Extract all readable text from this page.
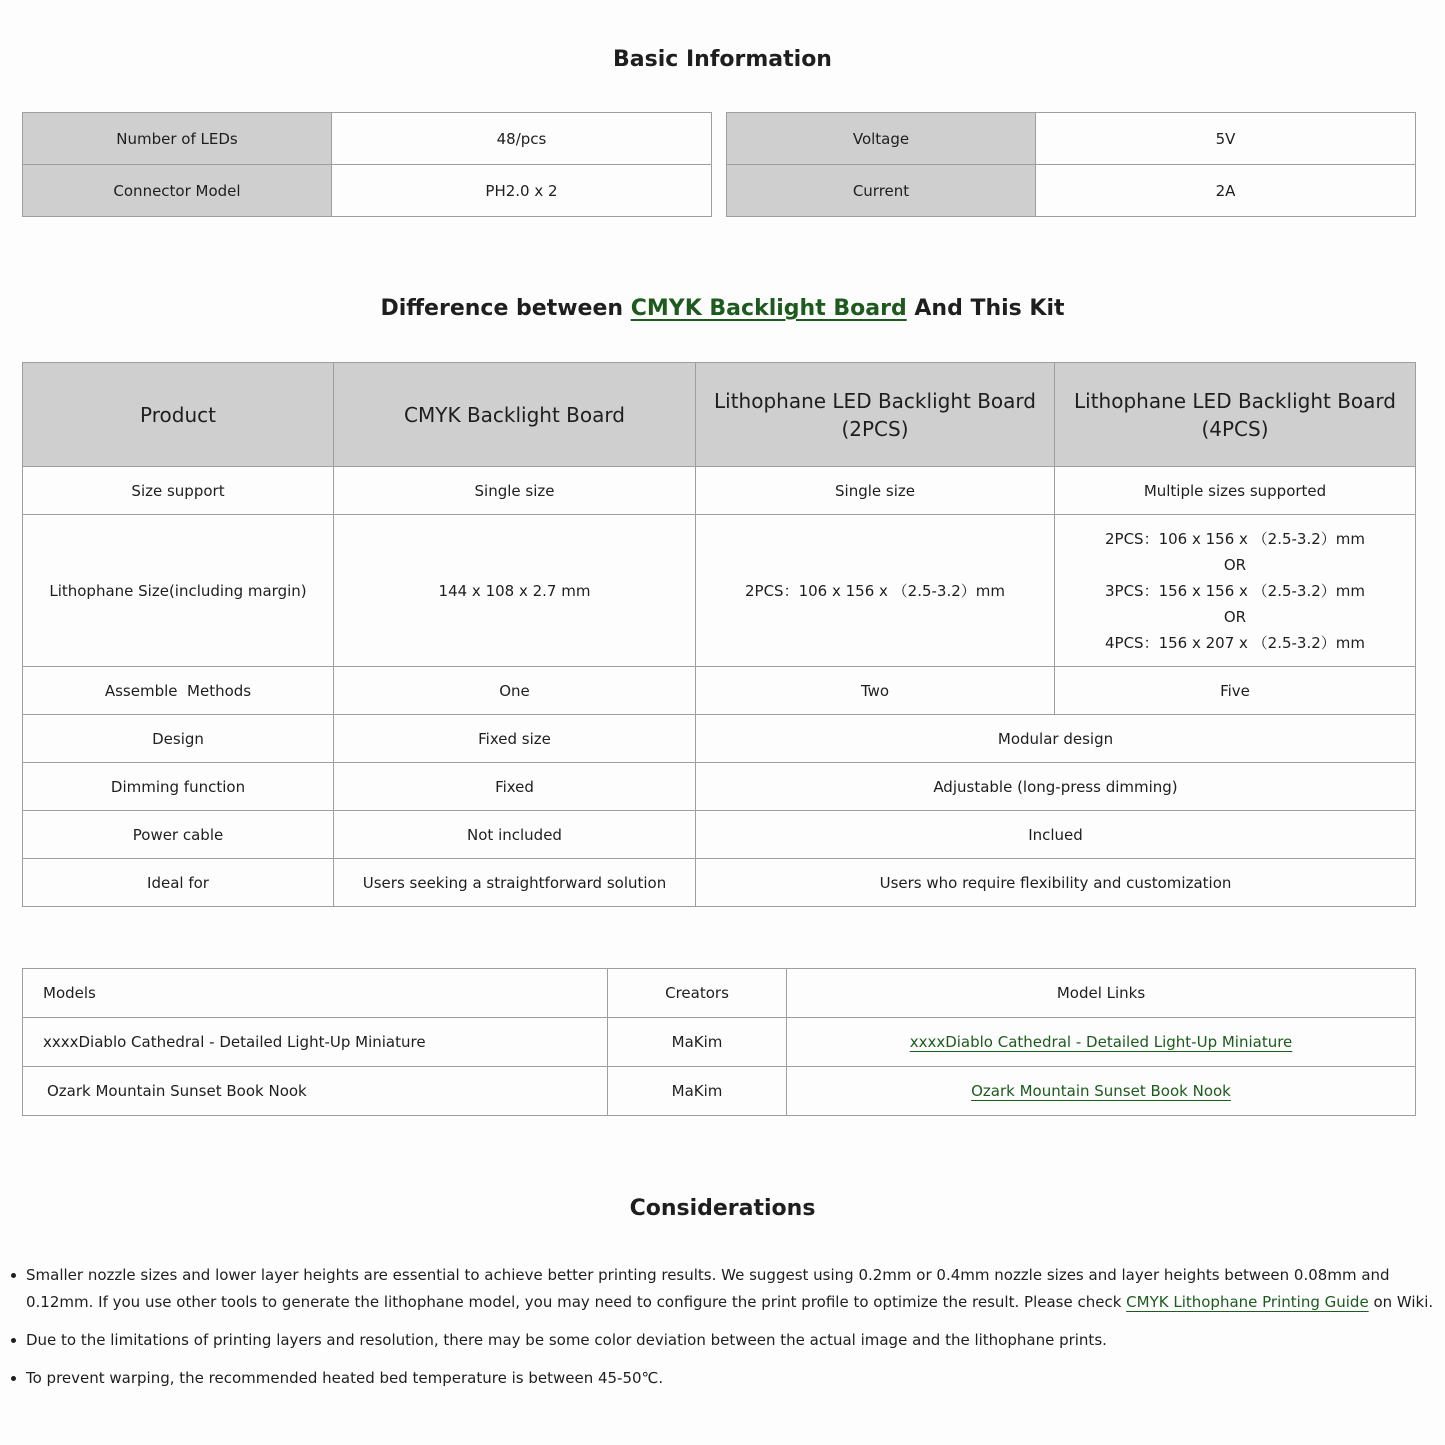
Basic Information
Number of LEDs	48/pcs
Connector Model	PH2.0 x 2
Voltage	5V
Current	2A
Difference between CMYK Backlight Board And This Kit
Product	CMYK Backlight Board	Lithophane LED Backlight Board (2PCS)	Lithophane LED Backlight Board (4PCS)
Size support	Single size	Single size	Multiple sizes supported
Lithophane Size(including margin)	144 x 108 x 2.7 mm	2PCS：106 x 156 x （2.5-3.2）mm	2PCS：106 x 156 x （2.5-3.2）mm
OR
3PCS：156 x 156 x （2.5-3.2）mm
OR
4PCS：156 x 207 x （2.5-3.2）mm

Assemble  Methods	One	Two	Five
Design	Fixed size	Modular design	
Dimming function	Fixed	Adjustable (long-press dimming)	
Power cable	Not included	Inclued	
Ideal for	Users seeking a straightforward solution	Users who require flexibility and customization	
Models	Creators	Model Links
xxxxDiablo Cathedral - Detailed Light-Up Miniature	MaKim	xxxxDiablo Cathedral - Detailed Light-Up Miniature
Ozark Mountain Sunset Book Nook	MaKim	Ozark Mountain Sunset Book Nook
Considerations
Smaller nozzle sizes and lower layer heights are essential to achieve better printing results. We suggest using 0.2mm or 0.4mm nozzle sizes and layer heights between 0.08mm and 0.12mm. If you use other tools to generate the lithophane model, you may need to configure the print profile to optimize the result. Please check CMYK Lithophane Printing Guide on Wiki.
Due to the limitations of printing layers and resolution, there may be some color deviation between the actual image and the lithophane prints.
To prevent warping, the recommended heated bed temperature is between 45-50℃.
